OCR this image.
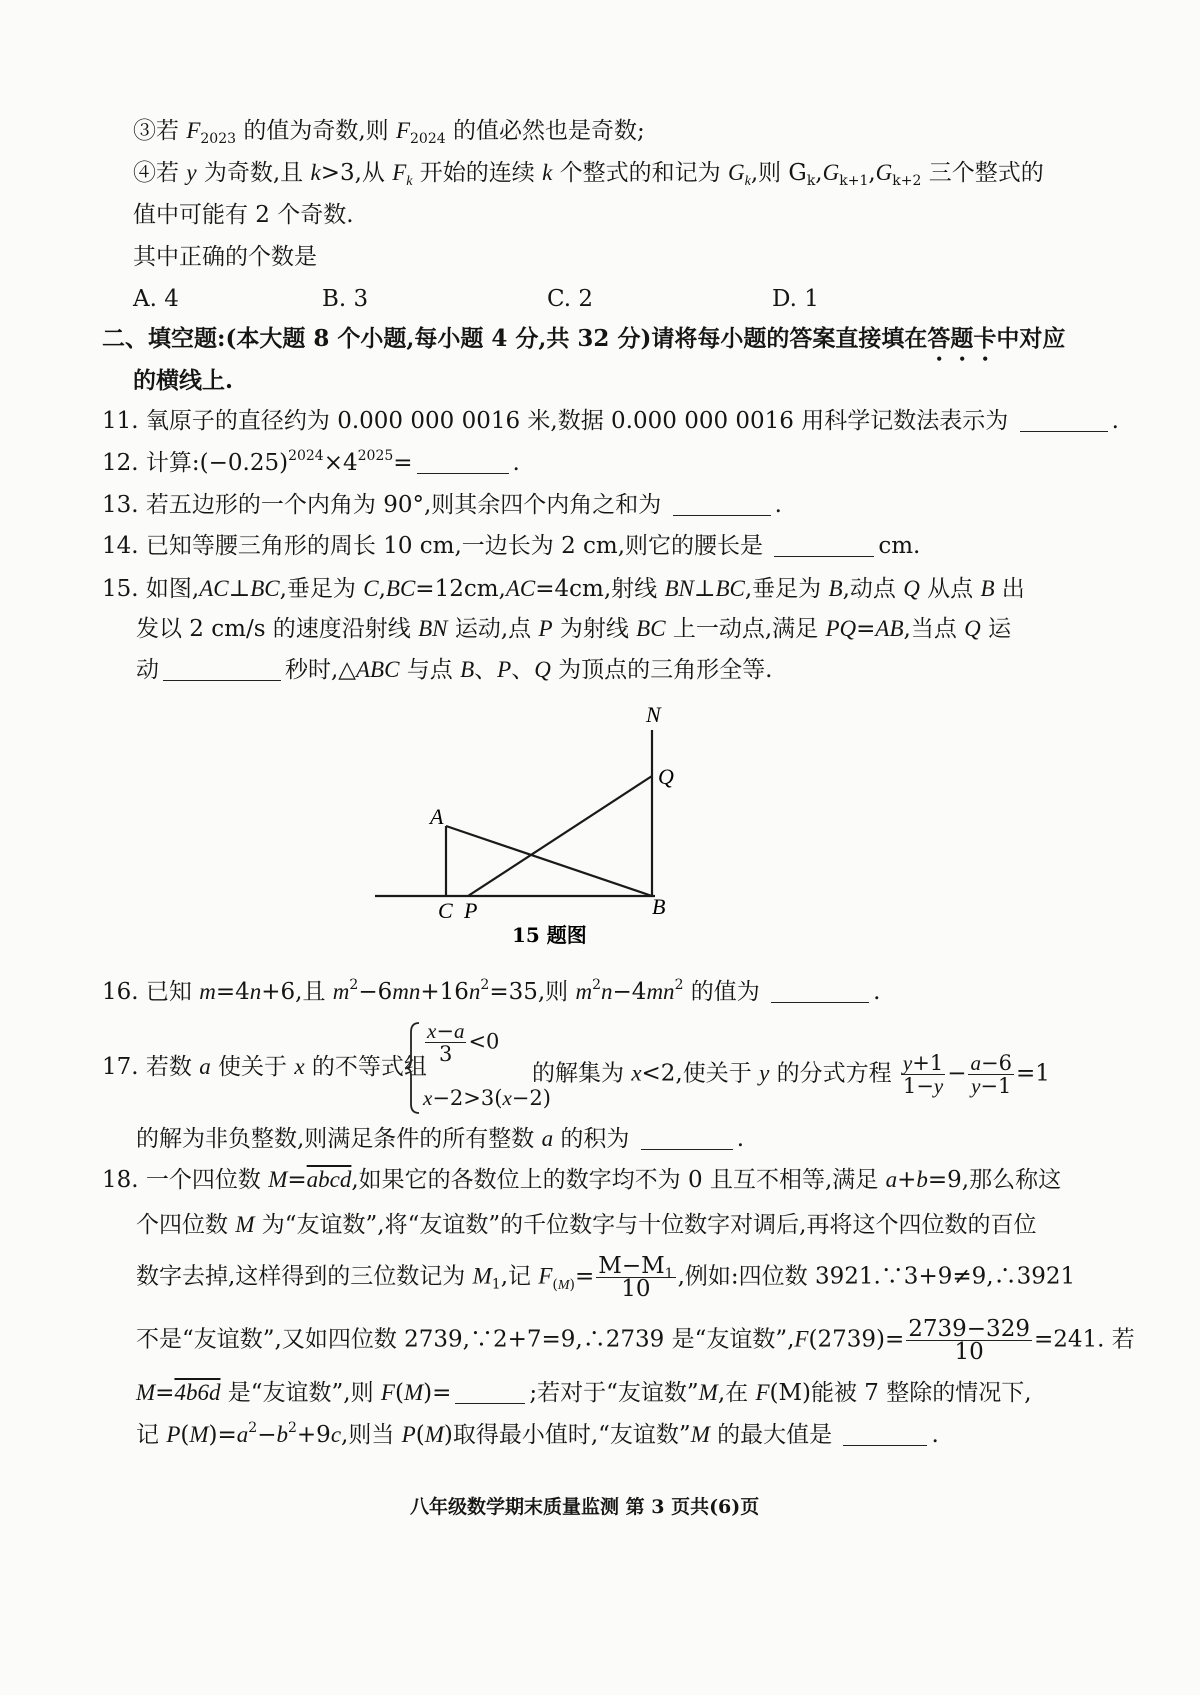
③若 $F_{2023}$ 的值为奇数,则 $F_{2024}$ 的值必然也是奇数;
④若 y 为奇数,且 k>3,从 $F_k$ 开始的连续 k 个整式的和记为 $G_k$,则 $G_k,G_{k+1},G_{k+2}$ 三个整式的
值中可能有 2 个奇数.
其中正确的个数是
A. 4	B. 3	C. 2	D. 1
二、填空题:(本大题 8 个小题,每小题 4 分,共 32 分)请将每小题的答案直接填在答题卡中对应
的横线上.
11. 氧原子的直径约为 0.000 000 0016 米,数据 0.000 000 0016 用科学记数法表示为	.
12. 计算$:(-0.25)^{2024}\times 4^{2025}=$	.
13. 若五边形的一个内角为 90°,则其余四个内角之和为	.
14. 已知等腰三角形的周长 10 cm,一边长为 2 cm,则它的腰长是	cm.
15. 如图,AC⊥BC,垂足为 C,BC=12cm,AC=4cm,射线 BN⊥BC,垂足为 B,动点 Q 从点 B 出
发以 2 cm/s 的速度沿射线 BN 运动,点 P 为射线 BC 上一动点,满足 PQ=AB,当点 Q 运
动	秒时,△ABC 与点 B、P、Q 为顶点的三角形全等.
N
Q
A
C P	B
15 题图
16. 已知 m=4n+6,且 $m^2-6mn+16n^2=35$,则 $m^2n-4mn^2$ 的值为	.
17. 若数 a 使关于 x 的不等式组
$\frac{x-a}{3} <0$
x−2>3(x−2)
的解集为 x<2,使关于 y 的分式方程 $\frac{y+1}{1-y} - \frac{a-6}{y-1} =1$
的解为非负整数,则满足条件的所有整数 a 的积为	.
18. 一个四位数 M=abcd,如果它的各数位上的数字均不为 0 且互不相等,满足 a+b=9,那么称这
个四位数 M 为“友谊数”,将“友谊数”的千位数字与十位数字对调后,再将这个四位数的百位
数字去掉,这样得到的三位数记为 $M_1$,记 $F_{(M)}= \frac{M-M_1}{10}$ ,例如:四位数 3921.∵3+9≠9,∴3921
不是“友谊数”,又如四位数 2739,∵2+7=9,∴2739 是“友谊数”,F(2739)= $\frac{2739-329}{10} =241$. 若
M=4b6d 是“友谊数”,则 F(M)=	;若对于“友谊数”M,在 F(M)能被 7 整除的情况下,
记 $P(M)=a^2-b^2+9c$,则当 P(M)取得最小值时,“友谊数”M 的最大值是	.
八年级数学期末质量监测 第 3 页共(6)页
